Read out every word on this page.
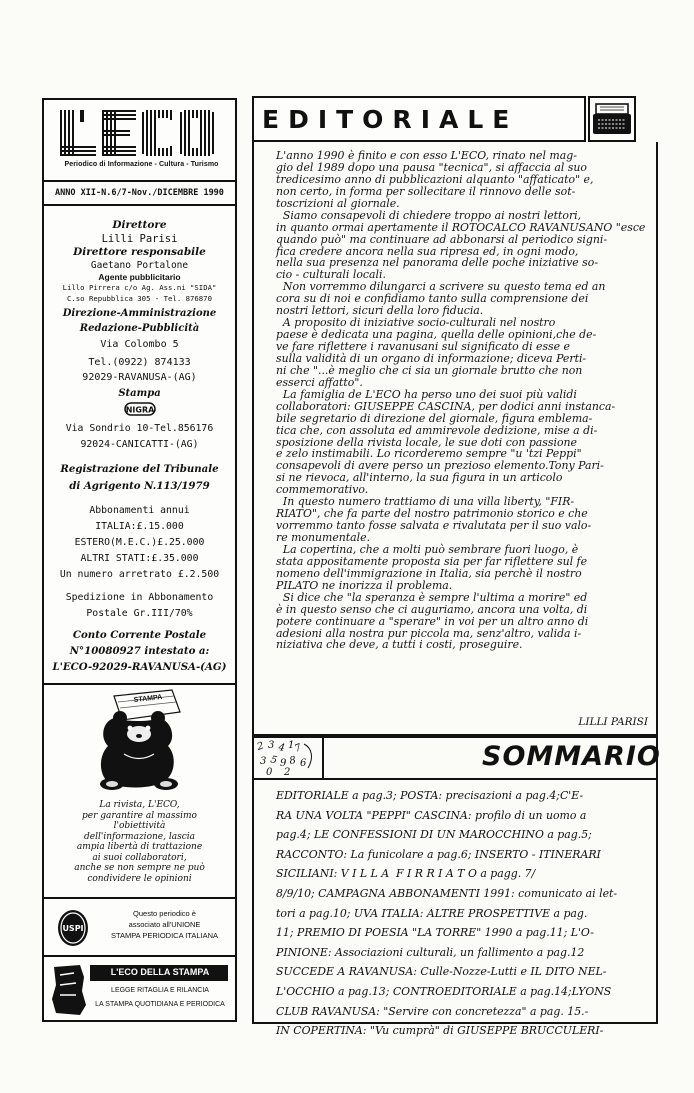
Periodico di Informazione - Cultura - Turismo
ANNO XII-N.6/7-Nov./DICEMBRE 1990
Direttore
Lilli Parisi
Direttore responsabile
Gaetano Portalone
Agente pubblicitario
Lillo Pirrera c/o Ag. Ass.ni "SIDA"
C.so Repubblica 305 - Tel. 876870
Direzione-Amministrazione
Redazione-Pubblicità
Via Colombo 5
Tel.(0922) 874133
92029-RAVANUSA-(AG)
Stampa
NIGRA
Via Sondrio 10-Tel.856176
92024-CANICATTI-(AG)
Registrazione del Tribunale
di Agrigento N.113/1979
Abbonamenti annui
ITALIA:£.15.000
ESTERO(M.E.C.)£.25.000
ALTRI STATI:£.35.000
Un numero arretrato £.2.500
Spedizione in Abbonamento
Postale Gr.III/70%
Conto Corrente Postale
N°10080927 intestato a:
L'ECO-92029-RAVANUSA-(AG)
STAMPA
La rivista, L'ECO,
per garantire al massimo
l'obiettività
dell'informazione, lascia
ampia libertà di trattazione
ai suoi collaboratori,
anche se non sempre ne può
condividere le opinioni
USPI
Questo periodico è
associato all'UNIONE
STAMPA PERIODICA ITALIANA
L'ECO DELLA STAMPA
LEGGE RITAGLIA E RILANCIA
LA STAMPA QUOTIDIANA E PERIODICA
EDITORIALE
L'anno 1990 è finito e con esso L'ECO, rinato nel mag-
gio del 1989 dopo una pausa "tecnica", si affaccia al suo
tredicesimo anno di pubblicazioni alquanto "affaticato" e,
non certo, in forma per sollecitare il rinnovo delle sot-
toscrizioni al giornale.
Siamo consapevoli di chiedere troppo ai nostri lettori,
in quanto ormai apertamente il ROTOCALCO RAVANUSANO "esce
quando può" ma continuare ad abbonarsi al periodico signi-
fica credere ancora nella sua ripresa ed, in ogni modo,
nella sua presenza nel panorama delle poche iniziative so-
cio - culturali locali.
Non vorremmo dilungarci a scrivere su questo tema ed an
cora su di noi e confidiamo tanto sulla comprensione dei
nostri lettori, sicuri della loro fiducia.
A proposito di iniziative socio-culturali nel nostro
paese è dedicata una pagina, quella delle opinioni,che de-
ve fare riflettere i ravanusani sul significato di esse e
sulla validità di un organo di informazione; diceva Perti-
ni che "...è meglio che ci sia un giornale brutto che non
esserci affatto".
La famiglia de L'ECO ha perso uno dei suoi più validi
collaboratori: GIUSEPPE CASCINA, per dodici anni instanca-
bile segretario di direzione del giornale, figura emblema-
tica che, con assoluta ed ammirevole dedizione, mise a di-
sposizione della rivista locale, le sue doti con passione
e zelo instimabili. Lo ricorderemo sempre "u 'tzi Peppi"
consapevoli di avere perso un prezioso elemento.Tony Pari-
si ne rievoca, all'interno, la sua figura in un articolo
commemorativo.
In questo numero trattiamo di una villa liberty, "FIR-
RIATO", che fa parte del nostro patrimonio storico e che
vorremmo tanto fosse salvata e rivalutata per il suo valo-
re monumentale.
La copertina, che a molti può sembrare fuori luogo, è
stata appositamente proposta sia per far riflettere sul fe
nomeno dell'immigrazione in Italia, sia perchè il nostro
PILATO ne inorizza il problema.
Si dice che "la speranza è sempre l'ultima a morire" ed
è in questo senso che ci auguriamo, ancora una volta, di
potere continuare a "sperare" in voi per un altro anno di
adesioni alla nostra pur piccola ma, senz'altro, valida i-
niziativa che deve, a tutti i costi, proseguire.
LILLI PARISI
2 3 4 1
7
3 5 9 8 6
0 2
SOMMARIO
EDITORIALE a pag.3; POSTA: precisazioni a pag.4;C'E-
RA UNA VOLTA "PEPPI" CASCINA: profilo di un uomo a
pag.4; LE CONFESSIONI DI UN MAROCCHINO a pag.5;
RACCONTO: La funicolare a pag.6; INSERTO - ITINERARI
SICILIANI: V I L L A  F I R R I A T O a pagg. 7/
8/9/10; CAMPAGNA ABBONAMENTI 1991: comunicato ai let-
tori a pag.10; UVA ITALIA: ALTRE PROSPETTIVE a pag.
11; PREMIO DI POESIA "LA TORRE" 1990 a pag.11; L'O-
PINIONE: Associazioni culturali, un fallimento a pag.12
SUCCEDE A RAVANUSA: Culle-Nozze-Lutti e IL DITO NEL-
L'OCCHIO a pag.13; CONTROEDITORIALE a pag.14;LYONS
CLUB RAVANUSA: "Servire con concretezza" a pag. 15.-
IN COPERTINA: "Vu cumprà" di GIUSEPPE BRUCCULERI-
